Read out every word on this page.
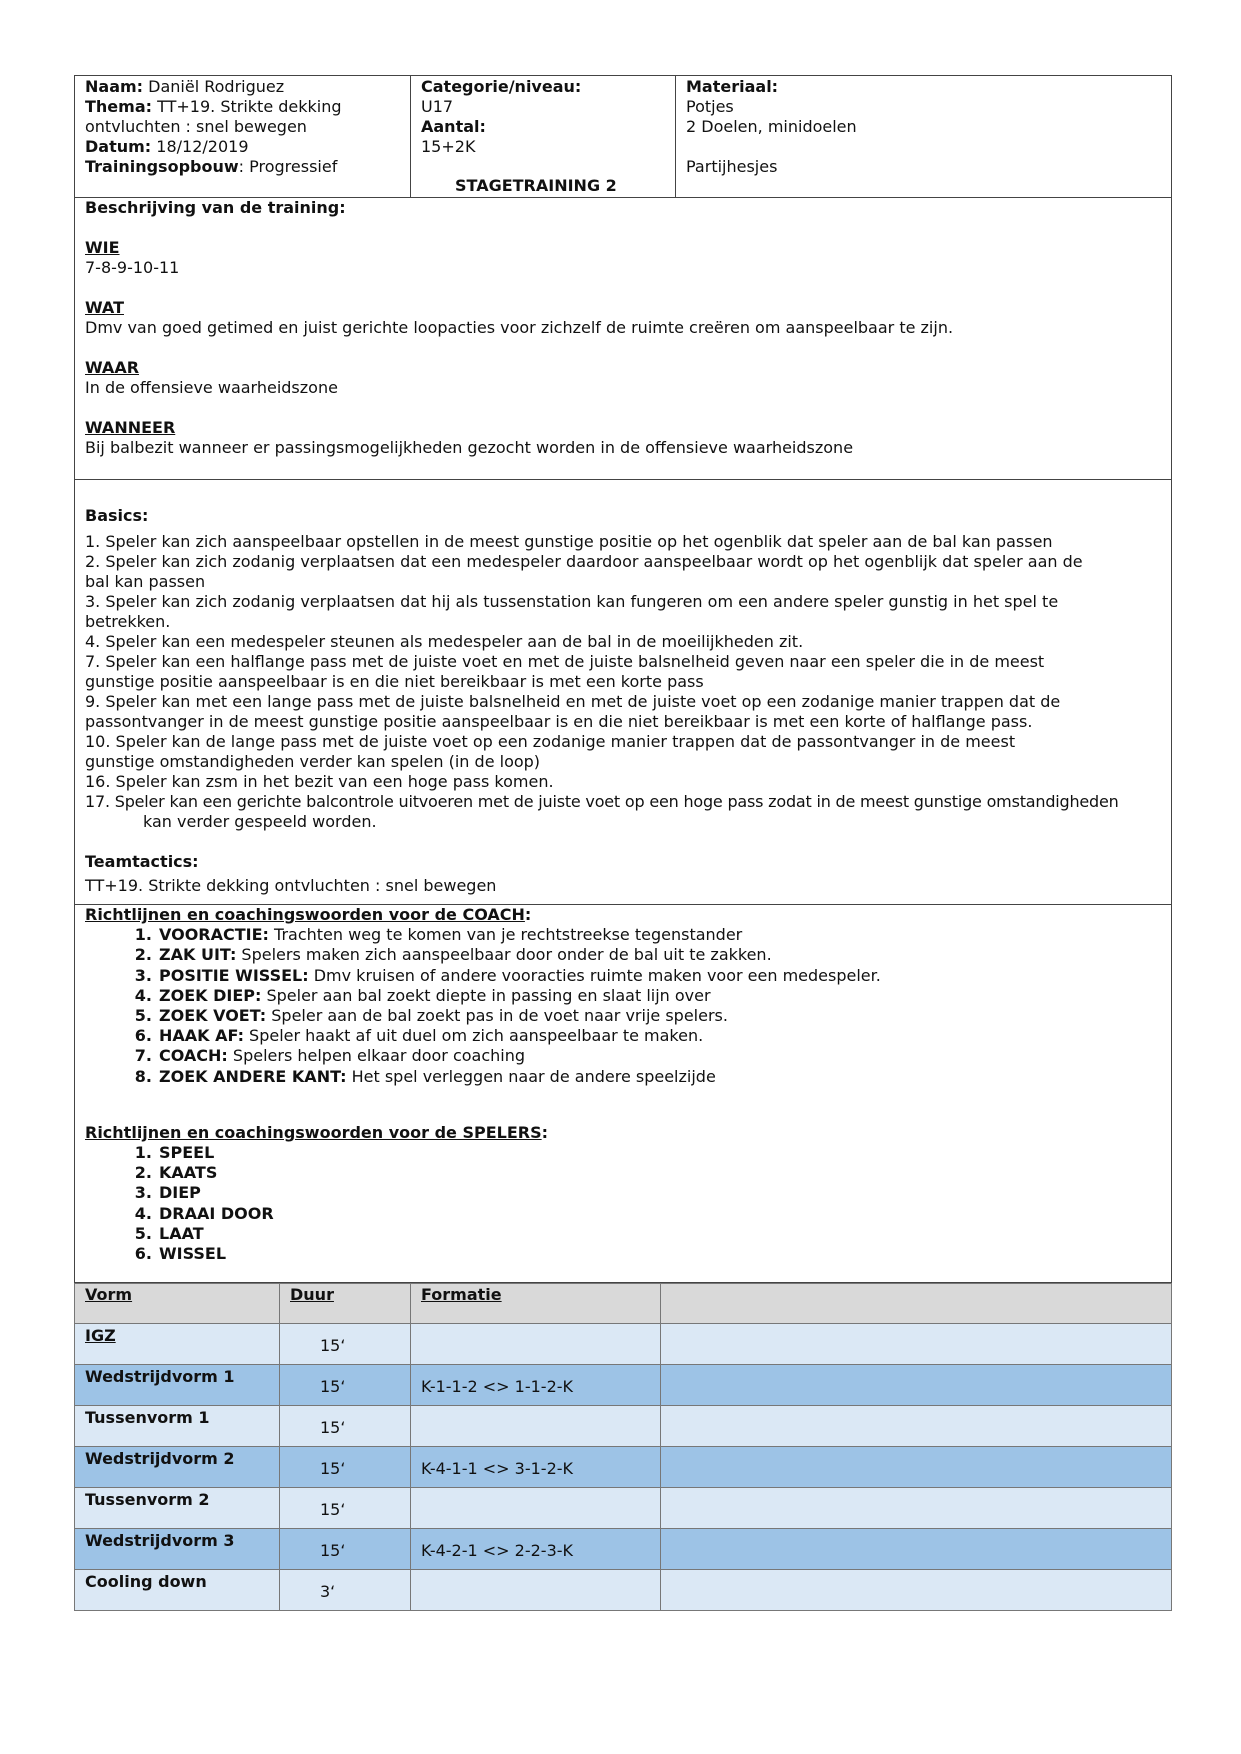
Naam: Daniël Rodriguez
Thema: TT+19. Strikte dekking ontvluchten : snel bewegen
Datum: 18/12/2019
Trainingsopbouw: Progressief
Categorie/niveau:
U17
Aantal:
15+2K
STAGETRAINING 2
Materiaal:
Potjes
2 Doelen, minidoelen
Partijhesjes
Beschrijving van de training:
WIE
7-8-9-10-11
WAT
Dmv van goed getimed en juist gerichte loopacties voor zichzelf de ruimte creëren om aanspeelbaar te zijn.
WAAR
In de offensieve waarheidszone
WANNEER
Bij balbezit wanneer er passingsmogelijkheden gezocht worden in de offensieve waarheidszone
Basics:
1. Speler kan zich aanspeelbaar opstellen in de meest gunstige positie op het ogenblik dat speler aan de bal kan passen
2. Speler kan zich zodanig verplaatsen dat een medespeler daardoor aanspeelbaar wordt op het ogenblijk dat speler aan de bal kan passen
3. Speler kan zich zodanig verplaatsen dat hij als tussenstation kan fungeren om een andere speler gunstig in het spel te betrekken.
4. Speler kan een medespeler steunen als medespeler aan de bal in de moeilijkheden zit.
7. Speler kan een halflange pass met de juiste voet en met de juiste balsnelheid geven naar een speler die in de meest gunstige positie aanspeelbaar is en die niet bereikbaar is met een korte pass
9. Speler kan met een lange pass met de juiste balsnelheid en met de juiste voet op een zodanige manier trappen dat de passontvanger in de meest gunstige positie aanspeelbaar is en die niet bereikbaar is met een korte of halflange pass.
10. Speler kan de lange pass met de juiste voet op een zodanige manier trappen dat de passontvanger in de meest gunstige omstandigheden verder kan spelen (in de loop)
16. Speler kan zsm in het bezit van een hoge pass komen.
17. Speler kan een gerichte balcontrole uitvoeren met de juiste voet op een hoge pass zodat in de meest gunstige omstandigheden
kan verder gespeeld worden.
Teamtactics:
TT+19. Strikte dekking ontvluchten : snel bewegen
Richtlijnen en coachingswoorden voor de COACH:
1. VOORACTIE: Trachten weg te komen van je rechtstreekse tegenstander
2. ZAK UIT: Spelers maken zich aanspeelbaar door onder de bal uit te zakken.
3. POSITIE WISSEL: Dmv kruisen of andere vooracties ruimte maken voor een medespeler.
4. ZOEK DIEP: Speler aan bal zoekt diepte in passing en slaat lijn over
5. ZOEK VOET: Speler aan de bal zoekt pas in de voet naar vrije spelers.
6. HAAK AF: Speler haakt af uit duel om zich aanspeelbaar te maken.
7. COACH: Spelers helpen elkaar door coaching
8. ZOEK ANDERE KANT: Het spel verleggen naar de andere speelzijde
Richtlijnen en coachingswoorden voor de SPELERS:
1. SPEEL
2. KAATS
3. DIEP
4. DRAAI DOOR
5. LAAT
6. WISSEL
Vorm	Duur	Formatie	
IGZ	15‘		
Wedstrijdvorm 1	15‘	K-1-1-2 <> 1-1-2-K	
Tussenvorm 1	15‘		
Wedstrijdvorm 2	15‘	K-4-1-1 <> 3-1-2-K	
Tussenvorm 2	15‘		
Wedstrijdvorm 3	15‘	K-4-2-1 <> 2-2-3-K	
Cooling down	3‘		
